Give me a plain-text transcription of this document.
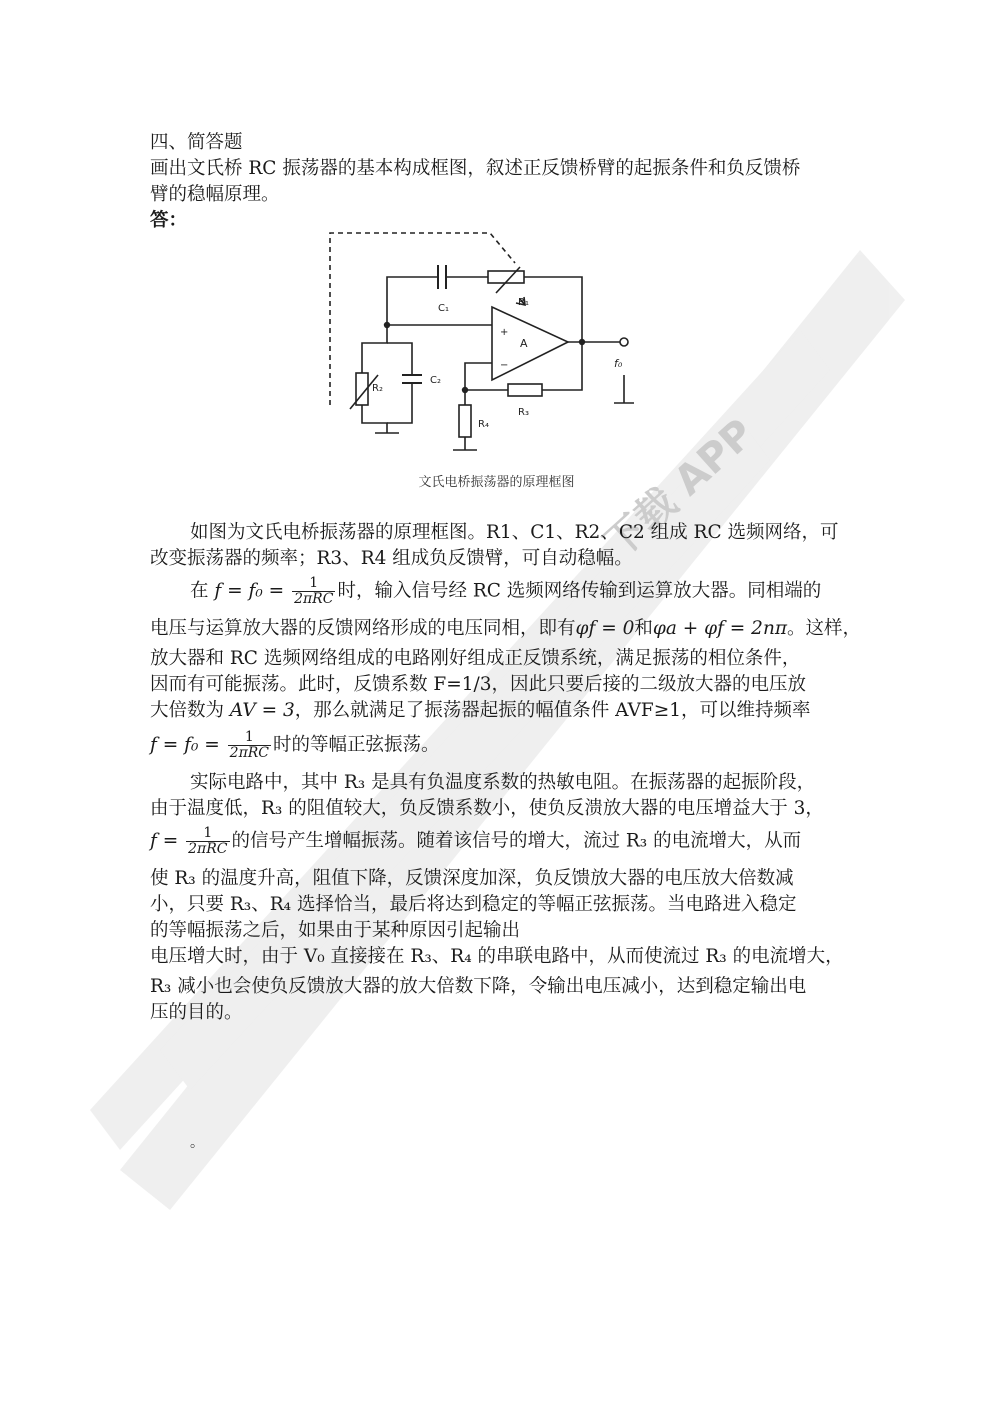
下载 APP
四、简答题
画出文氏桥 RC 振荡器的基本构成框图，叙述正反馈桥臂的起振条件和负反馈桥
臂的稳幅原理。
答：
C₁
R₁
R₂
C₂
R₃
R₄
A
+
−	f₀
文氏电桥振荡器的原理框图
如图为文氏电桥振荡器的原理框图。R1、C1、R2、C2 组成 RC 选频网络，可
改变振荡器的频率；R3、R4 组成负反馈臂，可自动稳幅。
在 $f = f_0 = \frac{1}{\text{2πRC}}$ 时，输入信号经 RC 选频网络传输到运算放大器。同相端的
电压与运算放大器的反馈网络形成的电压同相，即有φf = 0和φa + φf = 2nπ。这样，
放大器和 RC 选频网络组成的电路刚好组成正反馈系统，满足振荡的相位条件，
因而有可能振荡。此时，反馈系数 F=1/3，因此只要后接的二级放大器的电压放
大倍数为 AV = 3，那么就满足了振荡器起振的幅值条件 AVF≥1，可以维持频率
$f = f_0 = \frac{1}{\text{2πRC}}$ 时的等幅正弦振荡。
实际电路中，其中 R₃ 是具有负温度系数的热敏电阻。在振荡器的起振阶段，
由于温度低，R₃ 的阻值较大，负反馈系数小，使负反溃放大器的电压增益大于 3，
$f = \frac{1}{\text{2πRC}}$ 的信号产生增幅振荡。随着该信号的增大，流过 R₃ 的电流增大，从而
使 R₃ 的温度升高，阻值下降，反馈深度加深，负反馈放大器的电压放大倍数减
小，只要 R₃、R₄ 选择恰当，最后将达到稳定的等幅正弦振荡。当电路进入稳定
的等幅振荡之后，如果由于某种原因引起输出
电压增大时，由于 V₀ 直接接在 R₃、R₄ 的串联电路中，从而使流过 R₃ 的电流增大，
R₃ 减小也会使负反馈放大器的放大倍数下降，令输出电压减小，达到稳定输出电
压的目的。
。
